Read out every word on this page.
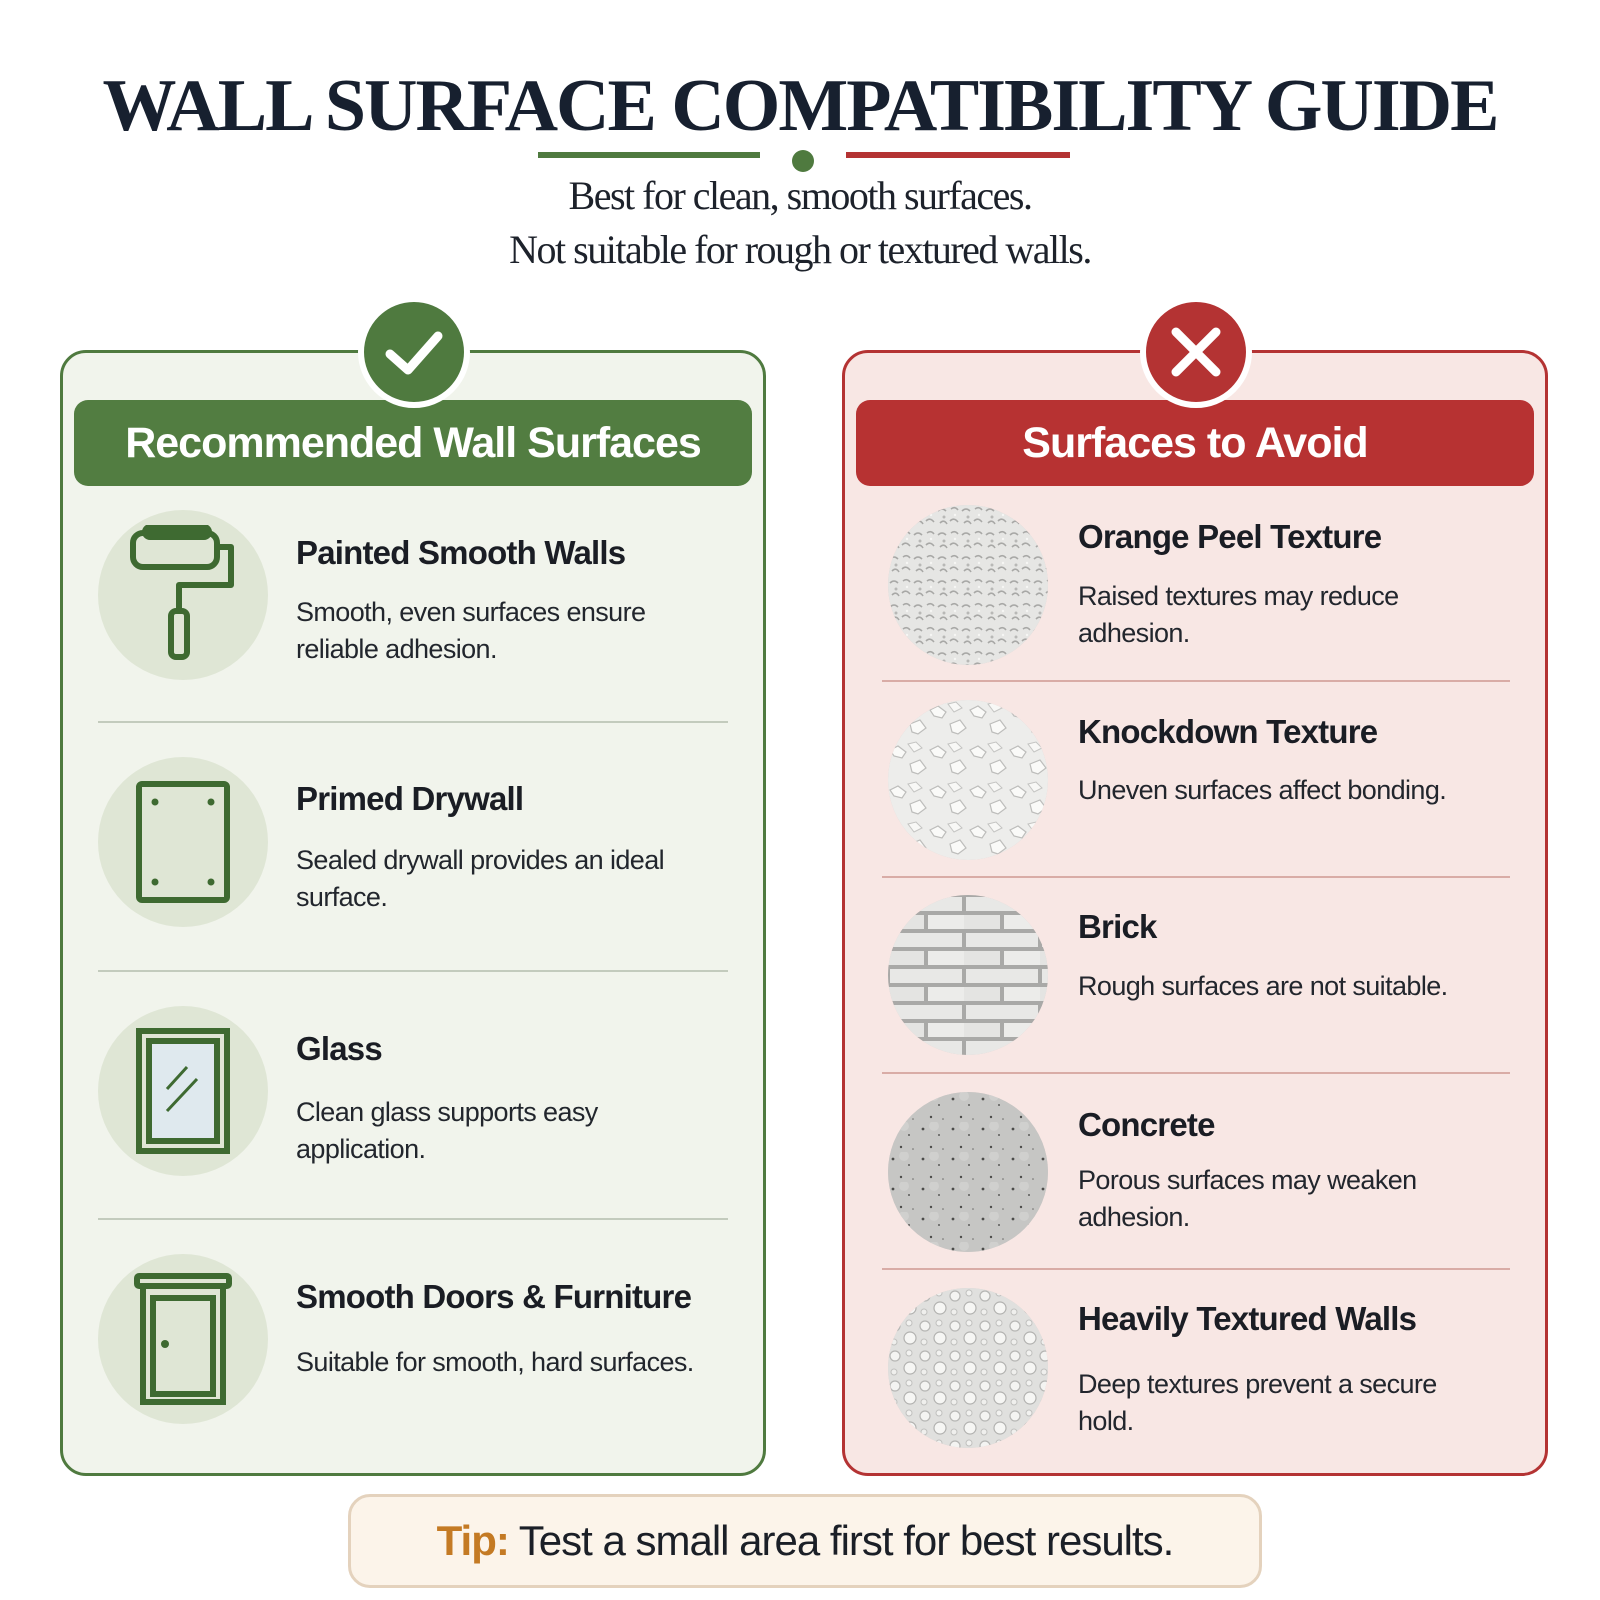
WALL SURFACE COMPATIBILITY GUIDE
Best for clean, smooth surfaces.
Not suitable for rough or textured walls.
Recommended Wall Surfaces
Painted Smooth Walls
Smooth, even surfaces ensure reliable adhesion.
Primed Drywall
Sealed drywall provides an ideal surface.
Glass
Clean glass supports easy application.
Smooth Doors & Furniture
Suitable for smooth, hard surfaces.
Surfaces to Avoid
Orange Peel Texture
Raised textures may reduce adhesion.
Knockdown Texture
Uneven surfaces affect bonding.
Brick
Rough surfaces are not suitable.
Concrete
Porous surfaces may weaken adhesion.
Heavily Textured Walls
Deep textures prevent a secure hold.
Tip: Test a small area first for best results.
